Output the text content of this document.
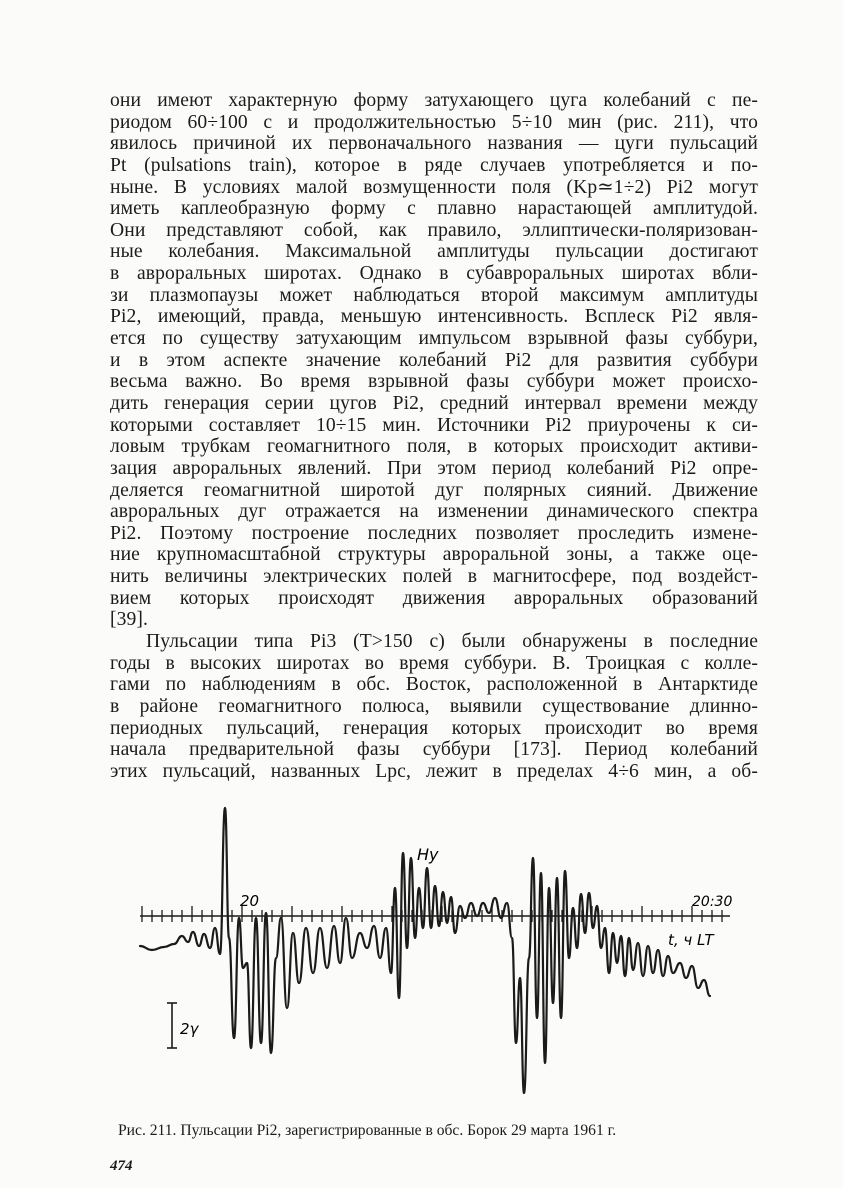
они имеют характерную форму затухающего цуга колебаний с пе-
риодом 60÷100 с и продолжительностью 5÷10 мин (рис. 211), что
явилось причиной их первоначального названия — цуги пульсаций
Pt (pulsations train), которое в ряде случаев употребляется и по-
ныне. В условиях малой возмущенности поля (Kp≃1÷2) Pi2 могут
иметь каплеобразную форму с плавно нарастающей амплитудой.
Они представляют собой, как правило, эллиптически-поляризован-
ные колебания. Максимальной амплитуды пульсации достигают
в авроральных широтах. Однако в субавроральных широтах вбли-
зи плазмопаузы может наблюдаться второй максимум амплитуды
Pi2, имеющий, правда, меньшую интенсивность. Всплеск Pi2 явля-
ется по существу затухающим импульсом взрывной фазы суббури,
и в этом аспекте значение колебаний Pi2 для развития суббури
весьма важно. Во время взрывной фазы суббури может происхо-
дить генерация серии цугов Pi2, средний интервал времени между
которыми составляет 10÷15 мин. Источники Pi2 приурочены к си-
ловым трубкам геомагнитного поля, в которых происходит активи-
зация авроральных явлений. При этом период колебаний Pi2 опре-
деляется геомагнитной широтой дуг полярных сияний. Движение
авроральных дуг отражается на изменении динамического спектра
Pi2. Поэтому построение последних позволяет проследить измене-
ние крупномасштабной структуры авроральной зоны, а также оце-
нить величины электрических полей в магнитосфере, под воздейст-
вием которых происходят движения авроральных образований
[39].
Пульсации типа Pi3 (T>150 с) были обнаружены в последние
годы в высоких широтах во время суббури. В. Троицкая с колле-
гами по наблюдениям в обс. Восток, расположенной в Антарктиде
в районе геомагнитного полюса, выявили существование длинно-
периодных пульсаций, генерация которых происходит во время
начала предварительной фазы суббури [173]. Период колебаний
этих пульсаций, названных Lpc, лежит в пределах 4÷6 мин, а об-
20	20:30
t, ч LT
Hy
2γ
Рис. 211. Пульсации Pi2, зарегистрированные в обс. Борок 29 марта 1961 г.
474
